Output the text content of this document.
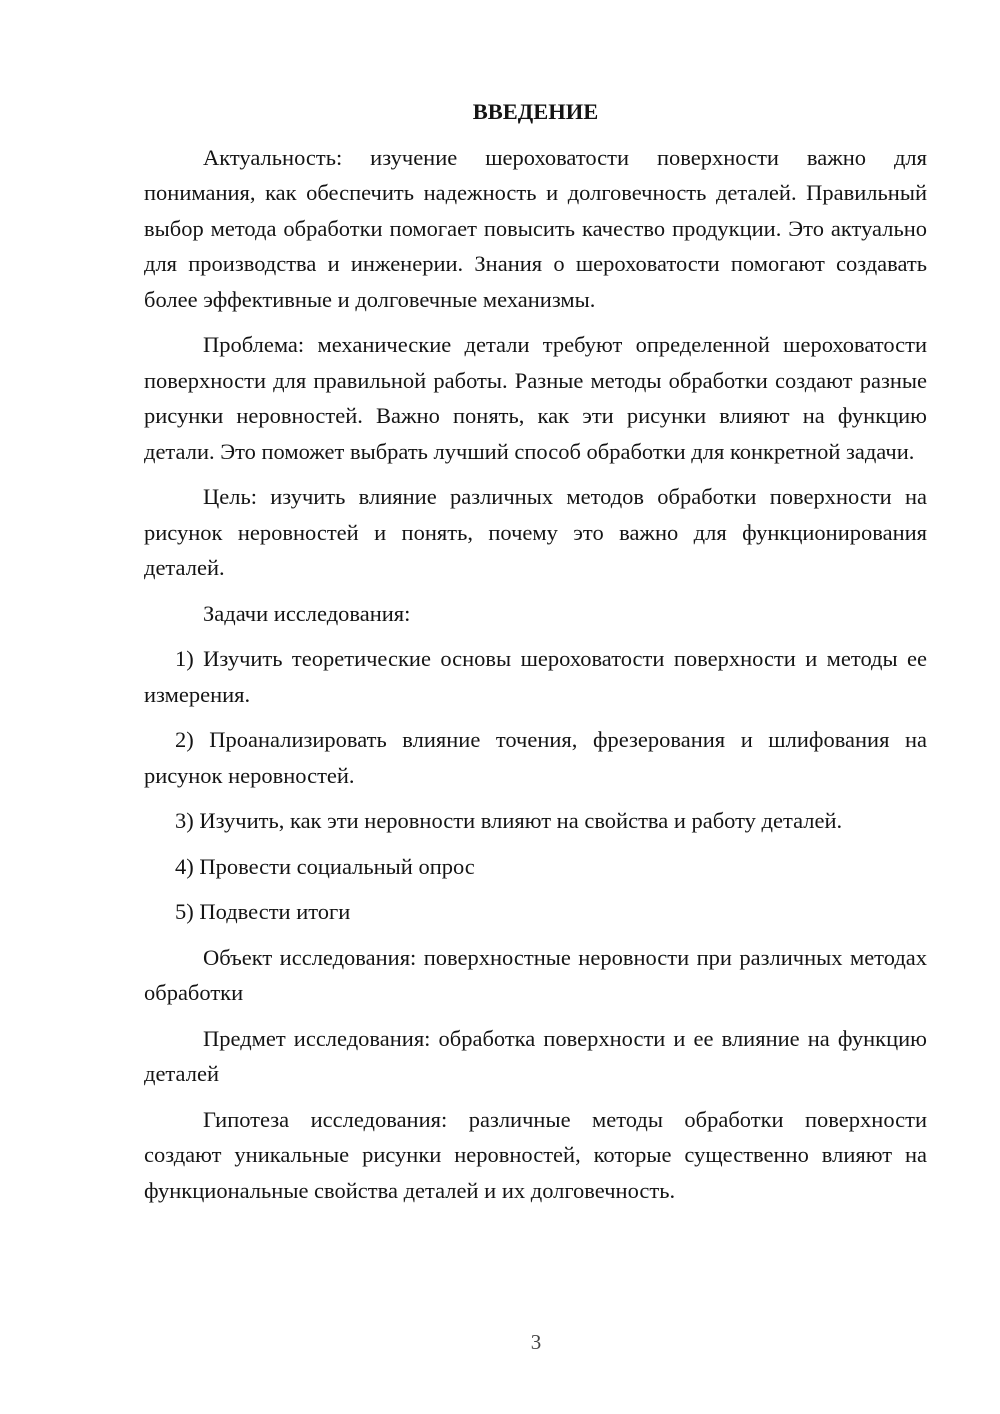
ВВЕДЕНИЕ

Актуальность: изучение шероховатости поверхности важно для понимания, как обеспечить надежность и долговечность деталей. Правильный выбор метода обработки помогает повысить качество продукции. Это актуально для производства и инженерии. Знания о шероховатости помогают создавать более эффективные и долговечные механизмы.

Проблема: механические детали требуют определенной шероховатости поверхности для правильной работы. Разные методы обработки создают разные рисунки неровностей. Важно понять, как эти рисунки влияют на функцию детали. Это поможет выбрать лучший способ обработки для конкретной задачи.

Цель: изучить влияние различных методов обработки поверхности на рисунок неровностей и понять, почему это важно для функционирования деталей.

Задачи исследования:

1) Изучить теоретические основы шероховатости поверхности и методы ее измерения.

2) Проанализировать влияние точения, фрезерования и шлифования на рисунок неровностей.

3) Изучить, как эти неровности влияют на свойства и работу деталей.

4) Провести социальный опрос

5) Подвести итоги

Объект исследования: поверхностные неровности при различных методах обработки

Предмет исследования: обработка поверхности и ее влияние на функцию деталей

Гипотеза исследования: различные методы обработки поверхности создают уникальные рисунки неровностей, которые существенно влияют на функциональные свойства деталей и их долговечность.

3
